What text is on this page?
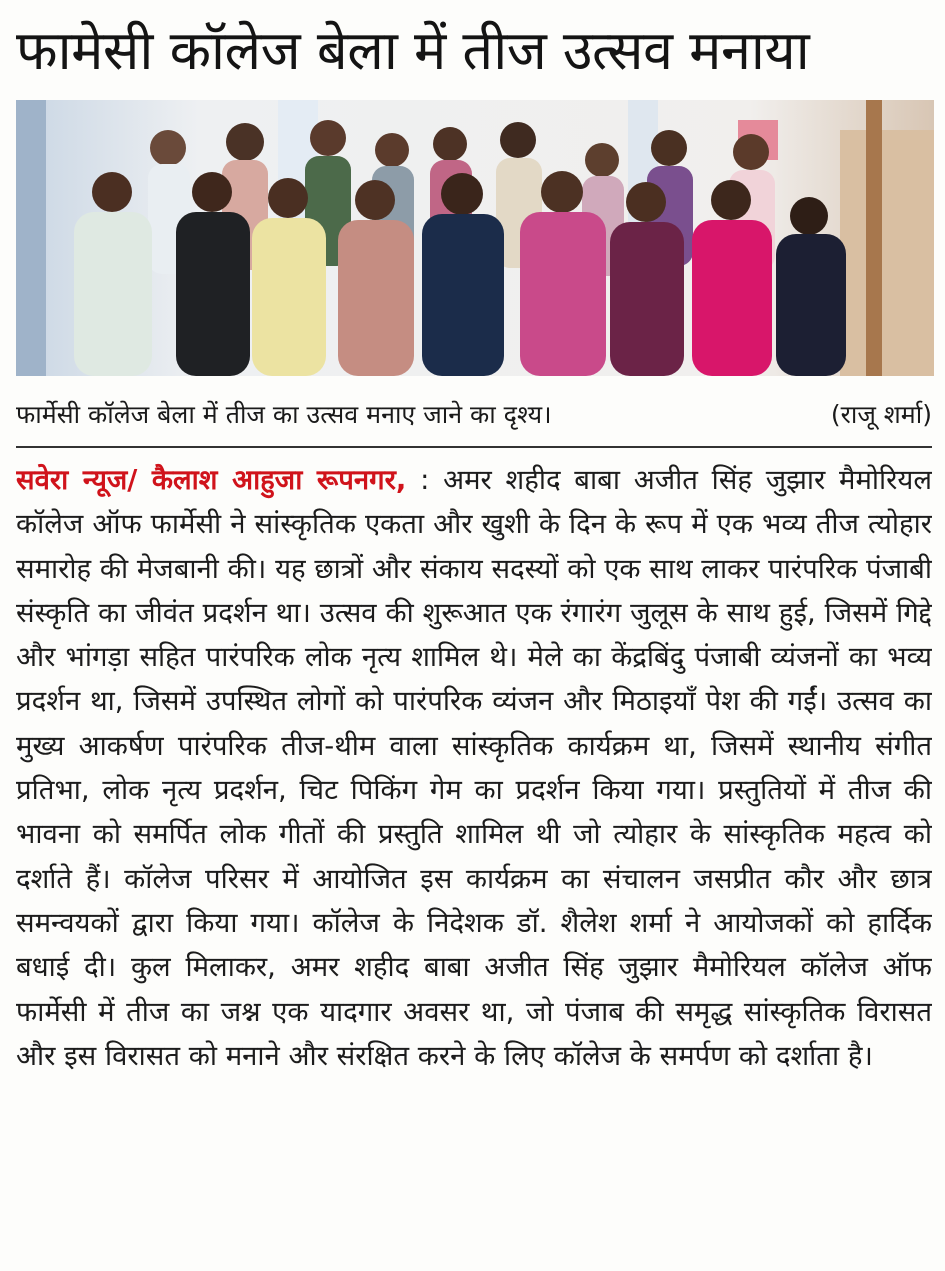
फामेसी कॉलेज बेला में तीज उत्सव मनाया
फार्मेसी कॉलेज बेला में तीज का उत्सव मनाए जाने का दृश्य।	(राजू शर्मा)

सवेरा न्यूज/ कैलाश आहुजा रूपनगर, : अमर शहीद बाबा अजीत सिंह जुझार मैमोरियल कॉलेज ऑफ फार्मेसी ने सांस्कृतिक एकता और खुशी के दिन के रूप में एक भव्य तीज त्योहार समारोह की मेजबानी की। यह छात्रों और संकाय सदस्यों को एक साथ लाकर पारंपरिक पंजाबी संस्कृति का जीवंत प्रदर्शन था। उत्सव की शुरूआत एक रंगारंग जुलूस के साथ हुई, जिसमें गिद्दे और भांगड़ा सहित पारंपरिक लोक नृत्य शामिल थे। मेले का केंद्रबिंदु पंजाबी व्यंजनों का भव्य प्रदर्शन था, जिसमें उपस्थित लोगों को पारंपरिक व्यंजन और मिठाइयाँ पेश की गईं। उत्सव का मुख्य आकर्षण पारंपरिक तीज-थीम वाला सांस्कृतिक कार्यक्रम था, जिसमें स्थानीय संगीत प्रतिभा, लोक नृत्य प्रदर्शन, चिट पिकिंग गेम का प्रदर्शन किया गया। प्रस्तुतियों में तीज की भावना को समर्पित लोक गीतों की प्रस्तुति शामिल थी जो त्योहार के सांस्कृतिक महत्व को दर्शाते हैं। कॉलेज परिसर में आयोजित इस कार्यक्रम का संचालन जसप्रीत कौर और छात्र समन्वयकों द्वारा किया गया। कॉलेज के निदेशक डॉ. शैलेश शर्मा ने आयोजकों को हार्दिक बधाई दी। कुल मिलाकर, अमर शहीद बाबा अजीत सिंह जुझार मैमोरियल कॉलेज ऑफ फार्मेसी में तीज का जश्न एक यादगार अवसर था, जो पंजाब की समृद्ध सांस्कृतिक विरासत और इस विरासत को मनाने और संरक्षित करने के लिए कॉलेज के समर्पण को दर्शाता है।
